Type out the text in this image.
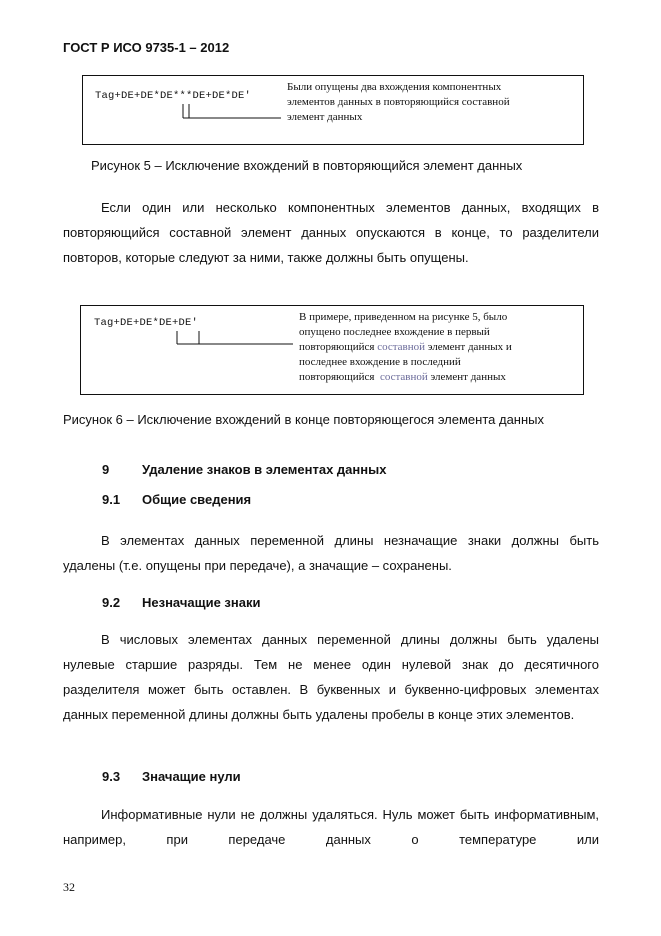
ГОСТ Р ИСО 9735-1 – 2012
Tag+DE+DE*DE***DE+DE*DE'
Были опущены два вхождения компонентных
элементов данных в повторяющийся составной
элемент данных
Рисунок 5 – Исключение вхождений в повторяющийся элемент данных
Если один или несколько компонентных элементов данных, входящих в повторяющийся составной элемент данных опускаются в конце, то разделители повторов, которые следуют за ними, также должны быть опущены.
Tag+DE+DE*DE+DE'	В примере, приведенном на рисунке 5, было
опущено последнее вхождение в первый
повторяющийся составной элемент данных и
последнее вхождение в последний
повторяющийся  составной элемент данных
Рисунок 6 – Исключение вхождений в конце повторяющегося элемента данных
9	Удаление знаков в элементах данных
9.1 Общие сведения
В элементах данных переменной длины незначащие знаки должны быть удалены (т.е. опущены при передаче), а значащие – сохранены.
9.2 Незначащие знаки
В числовых элементах данных переменной длины должны быть удалены нулевые старшие разряды. Тем не менее один нулевой знак до десятичного разделителя может быть оставлен. В буквенных и буквенно-цифровых элементах данных переменной длины должны быть удалены пробелы в конце этих элементов.
9.3 Значащие нули
Информативные нули не должны удаляться. Нуль может быть информативным, например, при передаче данных о температуре или
32
